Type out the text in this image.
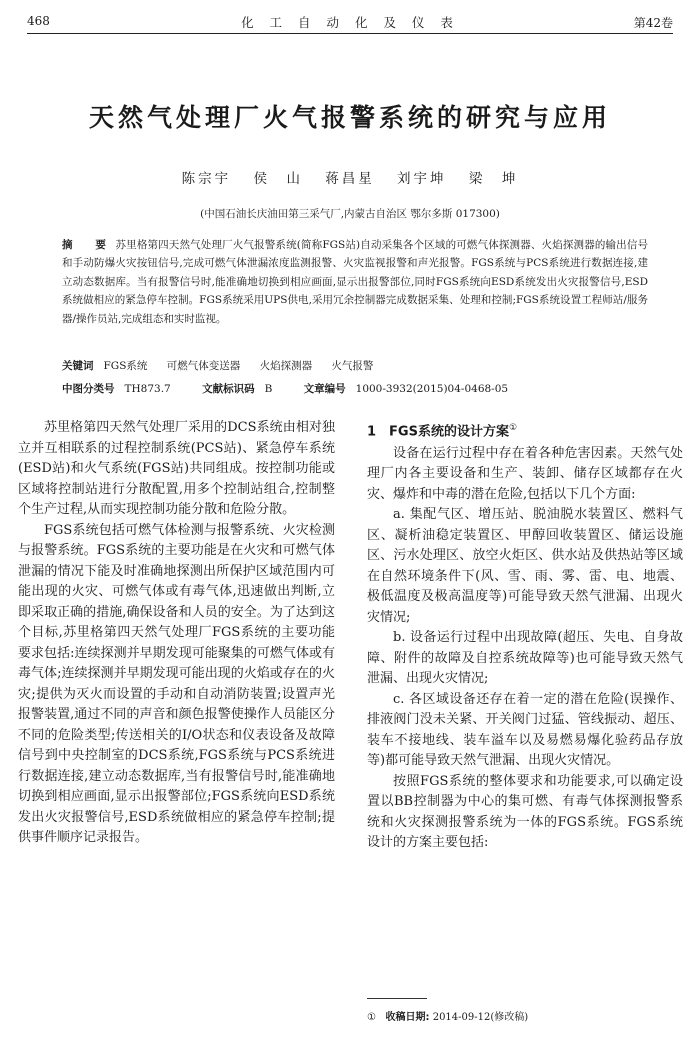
468	化 工 自 动 化 及 仪 表	第42卷
天然气处理厂火气报警系统的研究与应用
陈宗宇 侯　山 蒋昌星 刘宇坤 梁　坤
(中国石油长庆油田第三采气厂,内蒙古自治区 鄂尔多斯 017300)
摘　要 苏里格第四天然气处理厂火气报警系统(简称FGS站)自动采集各个区域的可燃气体探测器、火焰探测器的输出信号和手动防爆火灾按钮信号,完成可燃气体泄漏浓度监测报警、火灾监视报警和声光报警。FGS系统与PCS系统进行数据连接,建立动态数据库。当有报警信号时,能准确地切换到相应画面,显示出报警部位,同时FGS系统向ESD系统发出火灾报警信号,ESD系统做相应的紧急停车控制。FGS系统采用UPS供电,采用冗余控制器完成数据采集、处理和控制;FGS系统设置工程师站/服务器/操作员站,完成组态和实时监视。
关键词 FGS系统 可燃气体变送器 火焰探测器 火气报警
中图分类号 TH873.7	文献标识码 B	文章编号 1000-3932(2015)04-0468-05

苏里格第四天然气处理厂采用的DCS系统由相对独立并互相联系的过程控制系统(PCS站)、紧急停车系统(ESD站)和火气系统(FGS站)共同组成。按控制功能或区域将控制站进行分散配置,用多个控制站组合,控制整个生产过程,从而实现控制功能分散和危险分散。

FGS系统包括可燃气体检测与报警系统、火灾检测与报警系统。FGS系统的主要功能是在火灾和可燃气体泄漏的情况下能及时准确地探测出所保护区域范围内可能出现的火灾、可燃气体或有毒气体,迅速做出判断,立即采取正确的措施,确保设备和人员的安全。为了达到这个目标,苏里格第四天然气处理厂FGS系统的主要功能要求包括:连续探测并早期发现可能聚集的可燃气体或有毒气体;连续探测并早期发现可能出现的火焰或存在的火灾;提供为灭火而设置的手动和自动消防装置;设置声光报警装置,通过不同的声音和颜色报警使操作人员能区分不同的危险类型;传送相关的I/O状态和仪表设备及故障信号到中央控制室的DCS系统,FGS系统与PCS系统进行数据连接,建立动态数据库,当有报警信号时,能准确地切换到相应画面,显示出报警部位;FGS系统向ESD系统发出火灾报警信号,ESD系统做相应的紧急停车控制;提供事件顺序记录报告。

1　FGS系统的设计方案①

设备在运行过程中存在着各种危害因素。天然气处理厂内各主要设备和生产、装卸、储存区域都存在火灾、爆炸和中毒的潜在危险,包括以下几个方面:

a. 集配气区、增压站、脱油脱水装置区、燃料气区、凝析油稳定装置区、甲醇回收装置区、储运设施区、污水处理区、放空火炬区、供水站及供热站等区域在自然环境条件下(风、雪、雨、雾、雷、电、地震、极低温度及极高温度等)可能导致天然气泄漏、出现火灾情况;

b. 设备运行过程中出现故障(超压、失电、自身故障、附件的故障及自控系统故障等)也可能导致天然气泄漏、出现火灾情况;

c. 各区域设备还存在着一定的潜在危险(误操作、排液阀门没未关紧、开关阀门过猛、管线振动、超压、装车不接地线、装车溢车以及易燃易爆化验药品存放等)都可能导致天然气泄漏、出现火灾情况。

按照FGS系统的整体要求和功能要求,可以确定设置以BB控制器为中心的集可燃、有毒气体探测报警系统和火灾探测报警系统为一体的FGS系统。FGS系统设计的方案主要包括:

① 收稿日期: 2014-09-12(修改稿)
